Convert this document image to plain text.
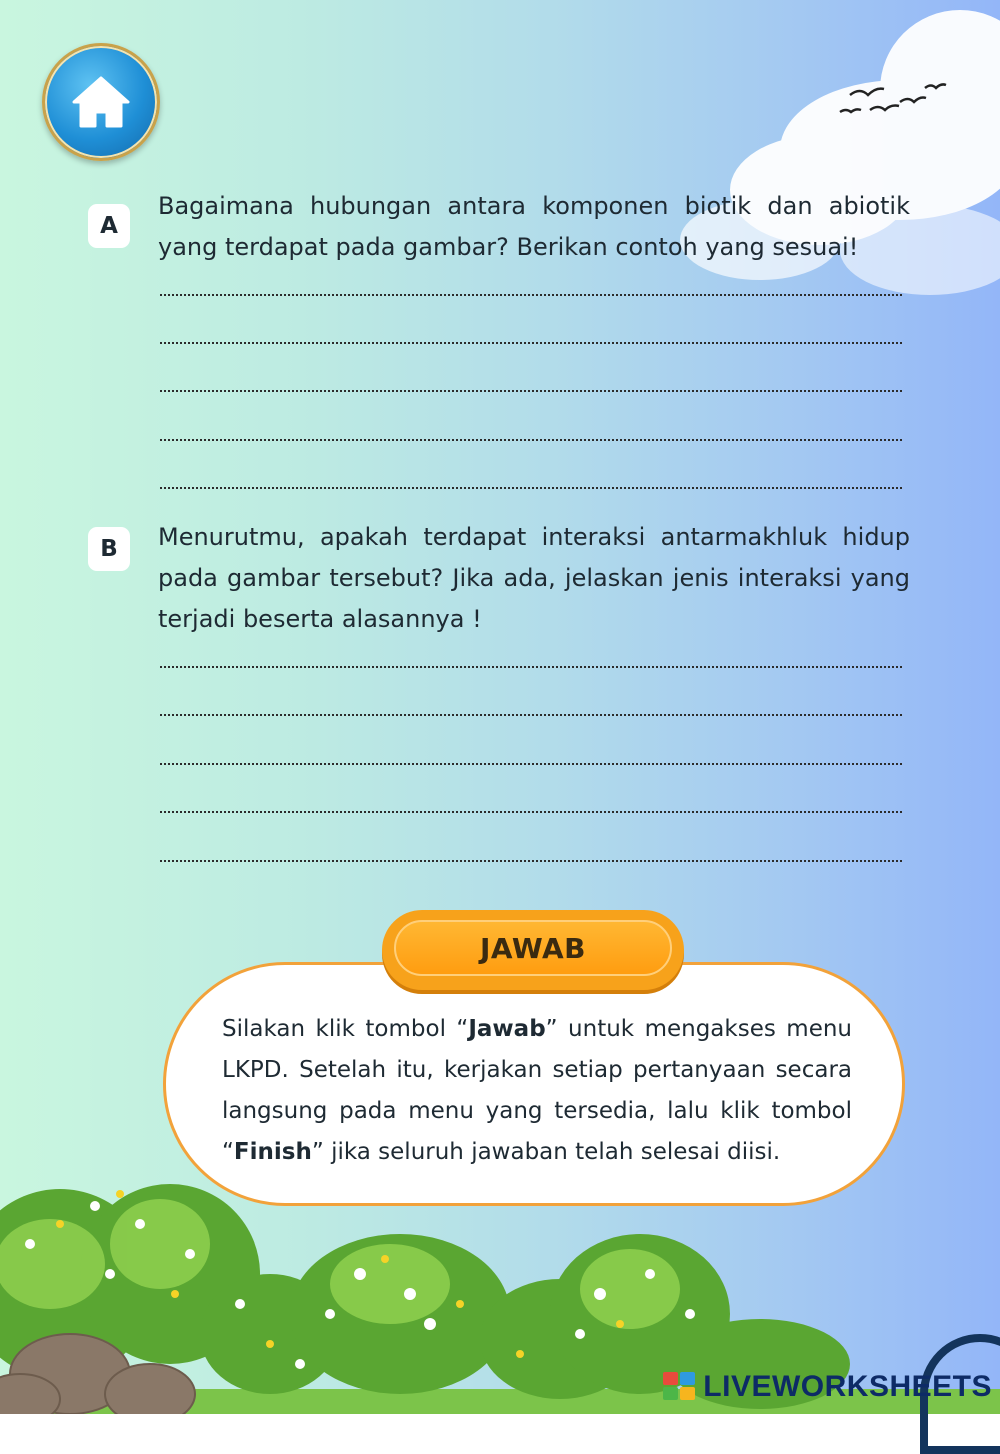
A

Bagaimana hubungan antara komponen biotik dan abiotik yang terdapat pada gambar? Berikan contoh yang sesuai!

B	Menurutmu, apakah terdapat interaksi antarmakhluk hidup pada gambar tersebut? Jika ada, jelaskan jenis interaksi yang terjadi beserta alasannya !

Silakan klik tombol “Jawab” untuk mengakses menu LKPD. Setelah itu, kerjakan setiap pertanyaan secara langsung pada menu yang tersedia, lalu klik tombol “Finish” jika seluruh jawaban telah selesai diisi.

JAWAB
LIVEWORKSHEETS
